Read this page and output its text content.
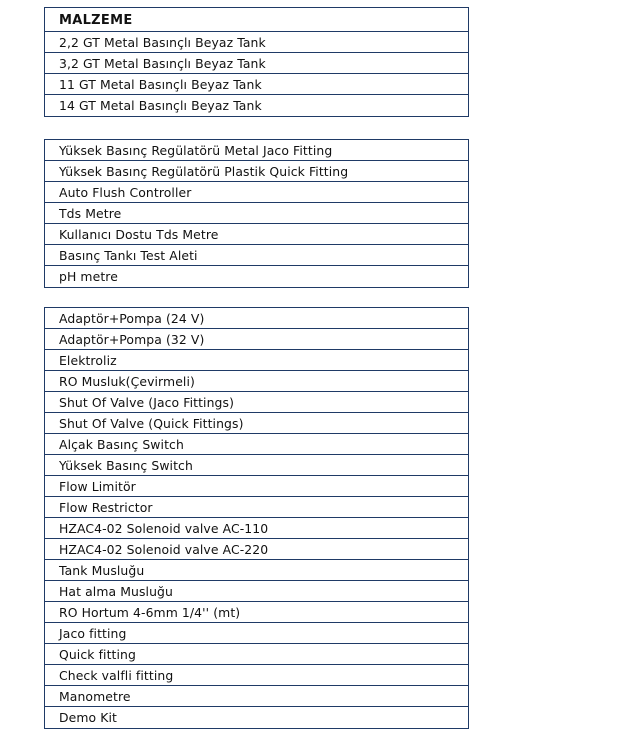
MALZEME
2,2 GT Metal Basınçlı Beyaz Tank
3,2 GT Metal Basınçlı Beyaz Tank
11 GT Metal Basınçlı Beyaz Tank
14 GT Metal Basınçlı Beyaz Tank
Yüksek Basınç Regülatörü Metal Jaco Fitting
Yüksek Basınç Regülatörü Plastik Quick Fitting
Auto Flush Controller
Tds Metre
Kullanıcı Dostu Tds Metre
Basınç Tankı Test Aleti
pH metre
Adaptör+Pompa (24 V)
Adaptör+Pompa (32 V)
Elektroliz
RO Musluk(Çevirmeli)
Shut Of Valve (Jaco Fittings)
Shut Of Valve (Quick Fittings)
Alçak Basınç Switch
Yüksek Basınç Switch
Flow Limitör
Flow Restrictor
HZAC4-02 Solenoid valve AC-110
HZAC4-02 Solenoid valve AC-220
Tank Musluğu
Hat alma Musluğu
RO Hortum 4-6mm 1/4'' (mt)
Jaco fitting
Quick fitting
Check valfli fitting
Manometre
Demo Kit
